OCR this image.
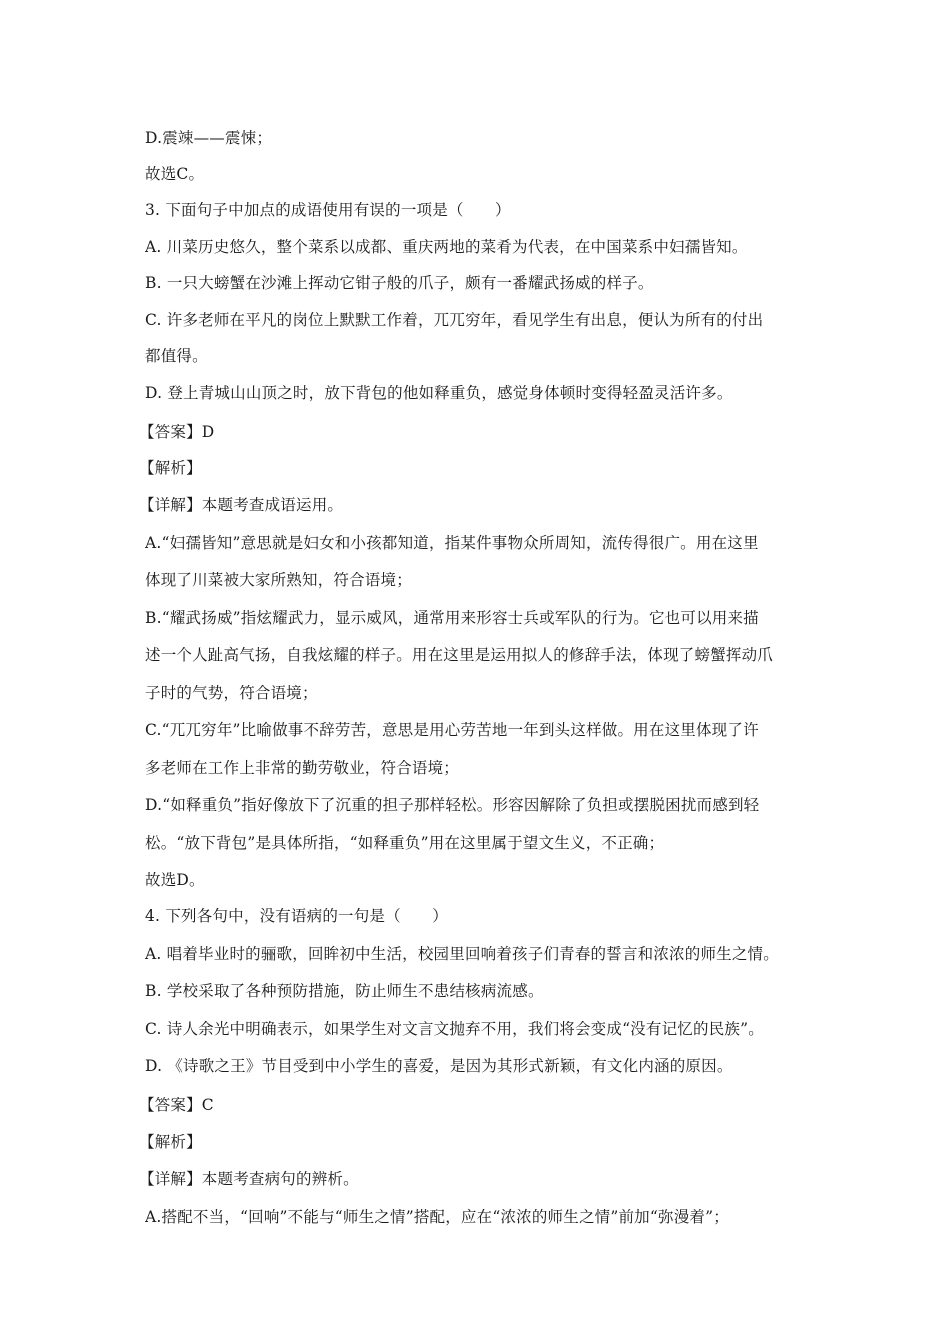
D.震竦——震悚；
故选C。
3. 下面句子中加点的成语使用有误的一项是（　　）
A. 川菜历史悠久，整个菜系以成都、重庆两地的菜肴为代表，在中国菜系中妇孺皆知。
B. 一只大螃蟹在沙滩上挥动它钳子般的爪子，颇有一番耀武扬威的样子。
C. 许多老师在平凡的岗位上默默工作着，兀兀穷年，看见学生有出息，便认为所有的付出
都值得。
D. 登上青城山山顶之时，放下背包的他如释重负，感觉身体顿时变得轻盈灵活许多。
【答案】D
【解析】
【详解】本题考查成语运用。
A.“妇孺皆知”意思就是妇女和小孩都知道，指某件事物众所周知，流传得很广。用在这里
体现了川菜被大家所熟知，符合语境；
B.“耀武扬威”指炫耀武力，显示威风，通常用来形容士兵或军队的行为。它也可以用来描
述一个人趾高气扬，自我炫耀的样子。用在这里是运用拟人的修辞手法，体现了螃蟹挥动爪
子时的气势，符合语境；
C.“兀兀穷年”比喻做事不辞劳苦，意思是用心劳苦地一年到头这样做。用在这里体现了许
多老师在工作上非常的勤劳敬业，符合语境；
D.“如释重负”指好像放下了沉重的担子那样轻松。形容因解除了负担或摆脱困扰而感到轻
松。“放下背包”是具体所指，“如释重负”用在这里属于望文生义，不正确；
故选D。
4. 下列各句中，没有语病的一句是（　　）
A. 唱着毕业时的骊歌，回眸初中生活，校园里回响着孩子们青春的誓言和浓浓的师生之情。
B. 学校采取了各种预防措施，防止师生不患结核病流感。
C. 诗人余光中明确表示，如果学生对文言文抛弃不用，我们将会变成“没有记忆的民族”。
D. 《诗歌之王》节目受到中小学生的喜爱，是因为其形式新颖，有文化内涵的原因。
【答案】C
【解析】
【详解】本题考查病句的辨析。
A.搭配不当，“回响”不能与“师生之情”搭配，应在“浓浓的师生之情”前加“弥漫着”；
